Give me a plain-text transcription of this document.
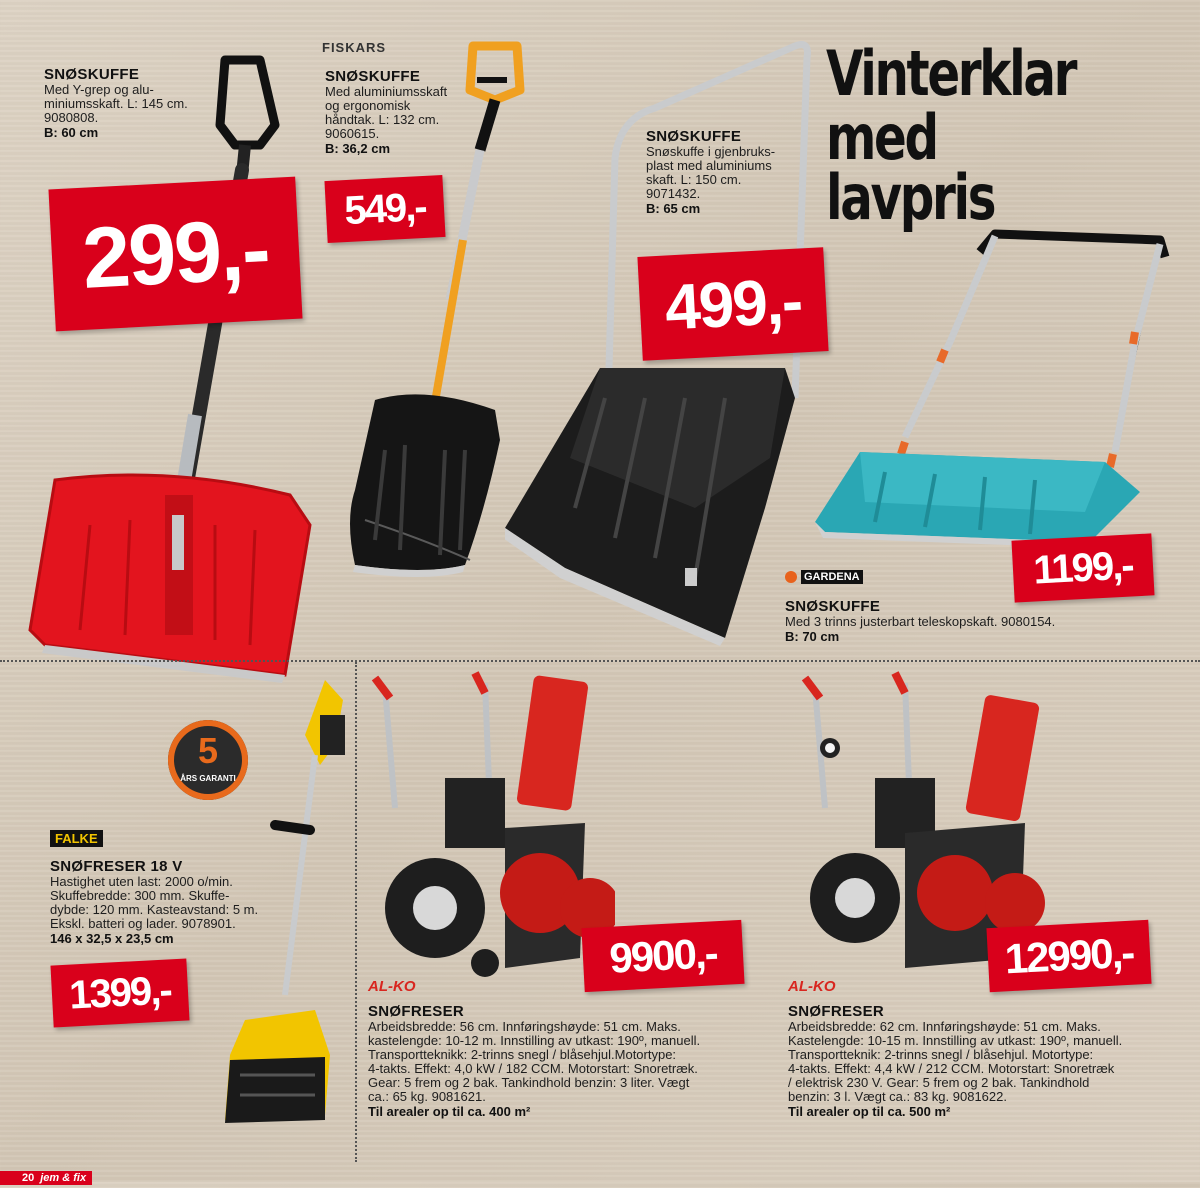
Vinterklar
med lavpris
SNØSKUFFE
Med Y-grep og alu-
miniumsskaft. L: 145 cm.
9080808.
B: 60 cm
299,-
FISKARS
SNØSKUFFE
Med aluminiumsskaft
og ergonomisk
håndtak. L: 132 cm.
9060615.
B: 36,2 cm
549,-
SNØSKUFFE
Snøskuffe i gjenbruks-
plast med aluminiums
skaft. L: 150 cm.
9071432.
B: 65 cm
499,-
1199,-
GARDENA
SNØSKUFFE
Med 3 trinns justerbart teleskopskaft. 9080154.
B: 70 cm
5
ÅRS GARANTI
FALKE
SNØFRESER 18 V
Hastighet uten last: 2000 o/min.
Skuffebredde: 300 mm. Skuffe-
dybde: 120 mm. Kasteavstand: 5 m.
Ekskl. batteri og lader. 9078901.
146 x 32,5 x 23,5 cm
1399,-
9900,-
AL-KO
SNØFRESER
Arbeidsbredde: 56 cm. Innføringshøyde: 51 cm. Maks.
kastelengde: 10-12 m. Innstilling av utkast: 190º, manuell.
Transportteknikk: 2-trinns snegl / blåsehjul.Motortype:
4-takts. Effekt: 4,0 kW / 182 CCM. Motorstart: Snoretræk.
Gear: 5 frem og 2 bak. Tankindhold benzin: 3 liter. Vægt
ca.: 65 kg. 9081621.
Til arealer op til ca. 400 m²
12990,-
AL-KO
SNØFRESER
Arbeidsbredde: 62 cm. Innføringshøyde: 51 cm. Maks.
Kastelengde: 10-15 m. Innstilling av utkast: 190º, manuell.
Transportteknik: 2-trinns snegl / blåsehjul. Motortype:
4-takts. Effekt: 4,4 kW / 212 CCM. Motorstart: Snoretræk
/ elektrisk 230 V. Gear: 5 frem og 2 bak. Tankindhold
benzin: 3 l. Vægt ca.: 83 kg. 9081622.
Til arealer op til ca. 500 m²
20 jem & fix
